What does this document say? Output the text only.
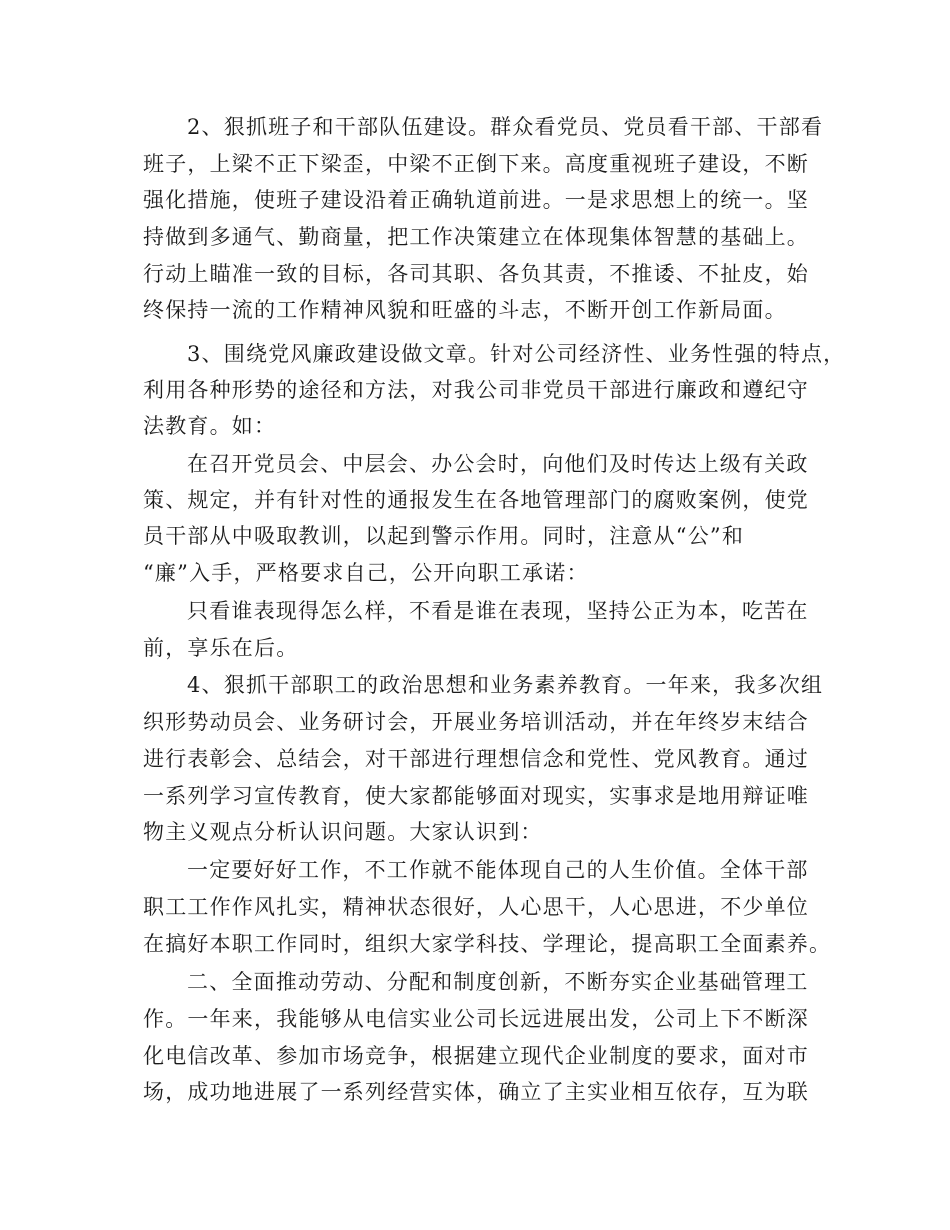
2、狠抓班子和干部队伍建设。群众看党员、党员看干部、干部看
班子，上梁不正下梁歪，中梁不正倒下来。高度重视班子建设，不断
强化措施，使班子建设沿着正确轨道前进。一是求思想上的统一。坚
持做到多通气、勤商量，把工作决策建立在体现集体智慧的基础上。
行动上瞄准一致的目标，各司其职、各负其责，不推诿、不扯皮，始
终保持一流的工作精神风貌和旺盛的斗志，不断开创工作新局面。
3、围绕党风廉政建设做文章。针对公司经济性、业务性强的特点，
利用各种形势的途径和方法，对我公司非党员干部进行廉政和遵纪守
法教育。如：
在召开党员会、中层会、办公会时，向他们及时传达上级有关政
策、规定，并有针对性的通报发生在各地管理部门的腐败案例，使党
员干部从中吸取教训，以起到警示作用。同时，注意从“公”和
“廉”入手，严格要求自己，公开向职工承诺：
只看谁表现得怎么样，不看是谁在表现，坚持公正为本，吃苦在
前，享乐在后。
4、狠抓干部职工的政治思想和业务素养教育。一年来，我多次组
织形势动员会、业务研讨会，开展业务培训活动，并在年终岁末结合
进行表彰会、总结会，对干部进行理想信念和党性、党风教育。通过
一系列学习宣传教育，使大家都能够面对现实，实事求是地用辩证唯
物主义观点分析认识问题。大家认识到：
一定要好好工作，不工作就不能体现自己的人生价值。全体干部
职工工作作风扎实，精神状态很好，人心思干，人心思进，不少单位
在搞好本职工作同时，组织大家学科技、学理论，提高职工全面素养。
二、全面推动劳动、分配和制度创新，不断夯实企业基础管理工
作。一年来，我能够从电信实业公司长远进展出发，公司上下不断深
化电信改革、参加市场竞争，根据建立现代企业制度的要求，面对市
场，成功地进展了一系列经营实体，确立了主实业相互依存，互为联
